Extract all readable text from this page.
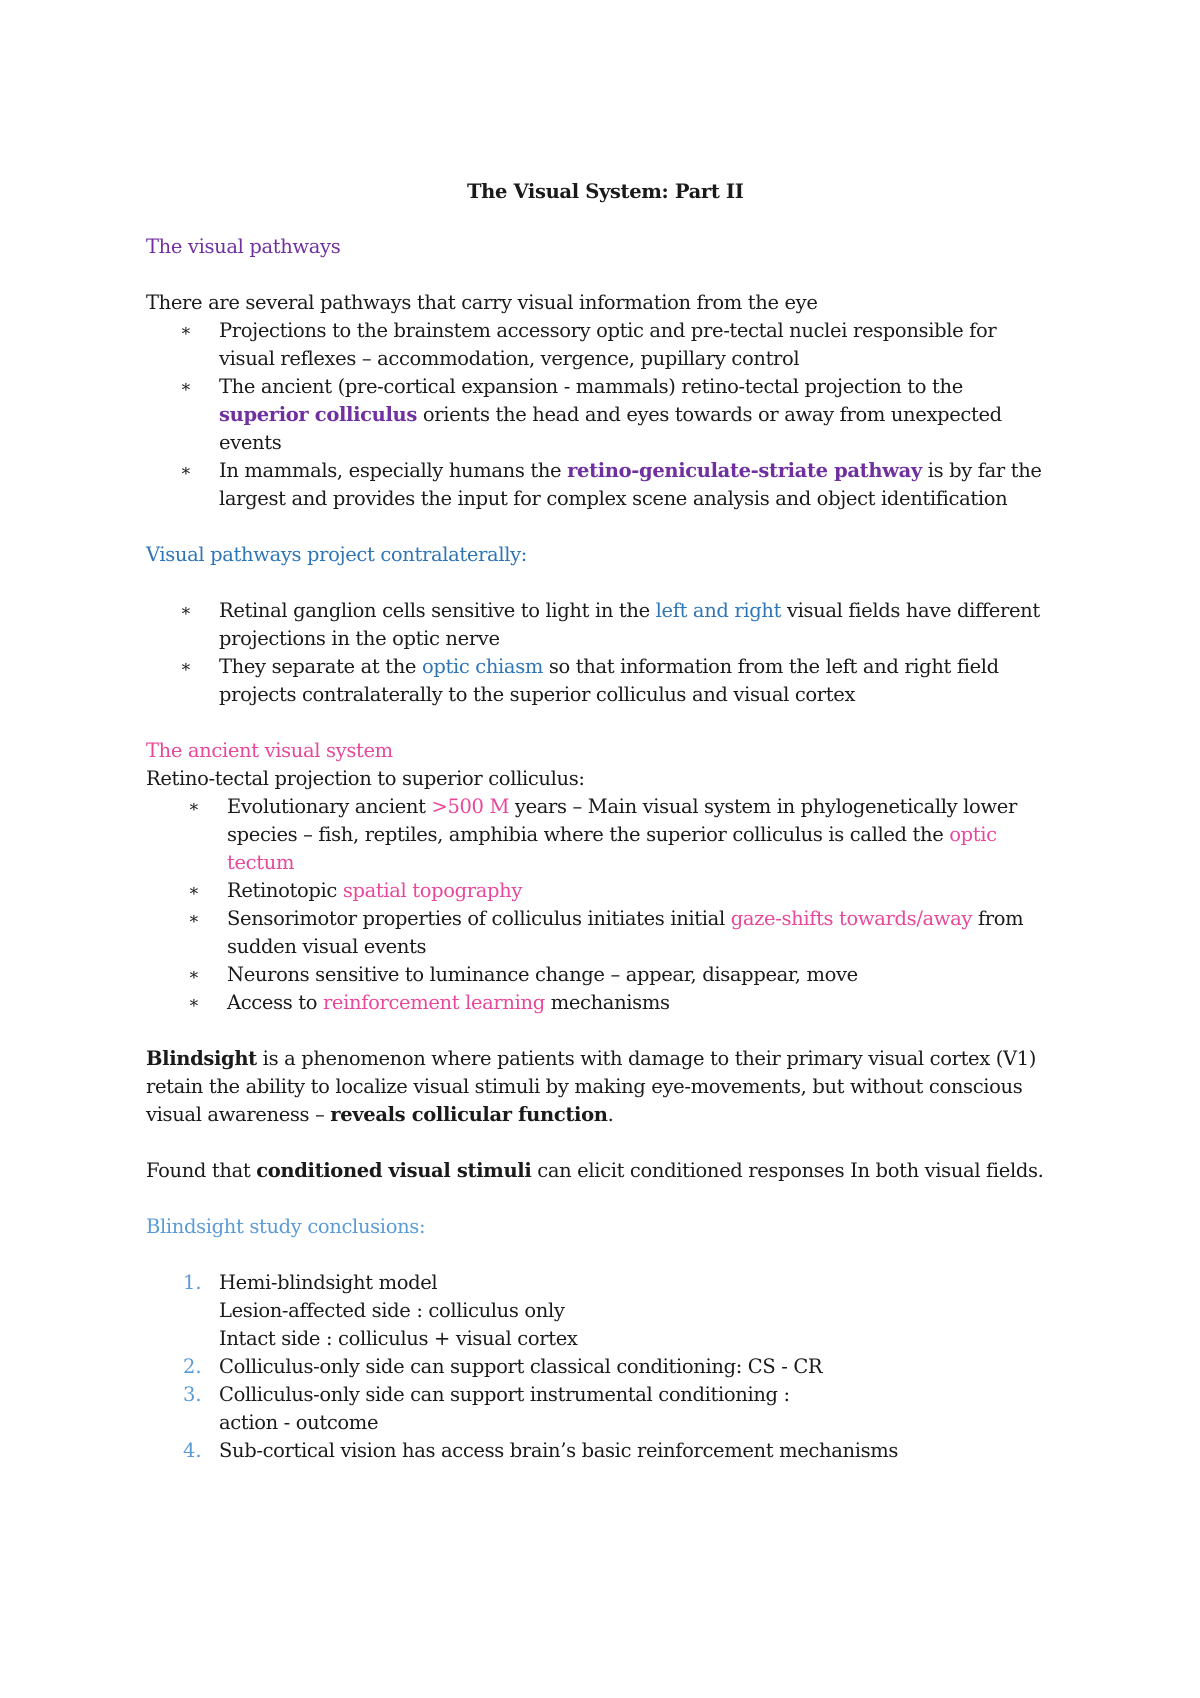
The Visual System: Part II
The visual pathways
There are several pathways that carry visual information from the eye
∗ Projections to the brainstem accessory optic and pre-tectal nuclei responsible for
visual reflexes – accommodation, vergence, pupillary control
∗ The ancient (pre-cortical expansion - mammals) retino-tectal projection to the
superior colliculus orients the head and eyes towards or away from unexpected
events
∗ In mammals, especially humans the retino-geniculate-striate pathway is by far the
largest and provides the input for complex scene analysis and object identification
Visual pathways project contralaterally:
∗ Retinal ganglion cells sensitive to light in the left and right visual fields have different
projections in the optic nerve
∗ They separate at the optic chiasm so that information from the left and right field
projects contralaterally to the superior colliculus and visual cortex
The ancient visual system
Retino-tectal projection to superior colliculus:
∗ Evolutionary ancient >500 M years – Main visual system in phylogenetically lower
species – fish, reptiles, amphibia where the superior colliculus is called the optic
tectum
∗ Retinotopic spatial topography
∗ Sensorimotor properties of colliculus initiates initial gaze-shifts towards/away from
sudden visual events
∗ Neurons sensitive to luminance change – appear, disappear, move
∗ Access to reinforcement learning mechanisms
Blindsight is a phenomenon where patients with damage to their primary visual cortex (V1)
retain the ability to localize visual stimuli by making eye-movements, but without conscious
visual awareness – reveals collicular function.
Found that conditioned visual stimuli can elicit conditioned responses In both visual fields.
Blindsight study conclusions:
1. Hemi-blindsight model
Lesion-affected side : colliculus only
Intact side : colliculus + visual cortex
2. Colliculus-only side can support classical conditioning: CS - CR
3. Colliculus-only side can support instrumental conditioning :
action - outcome
4. Sub-cortical vision has access brain’s basic reinforcement mechanisms
